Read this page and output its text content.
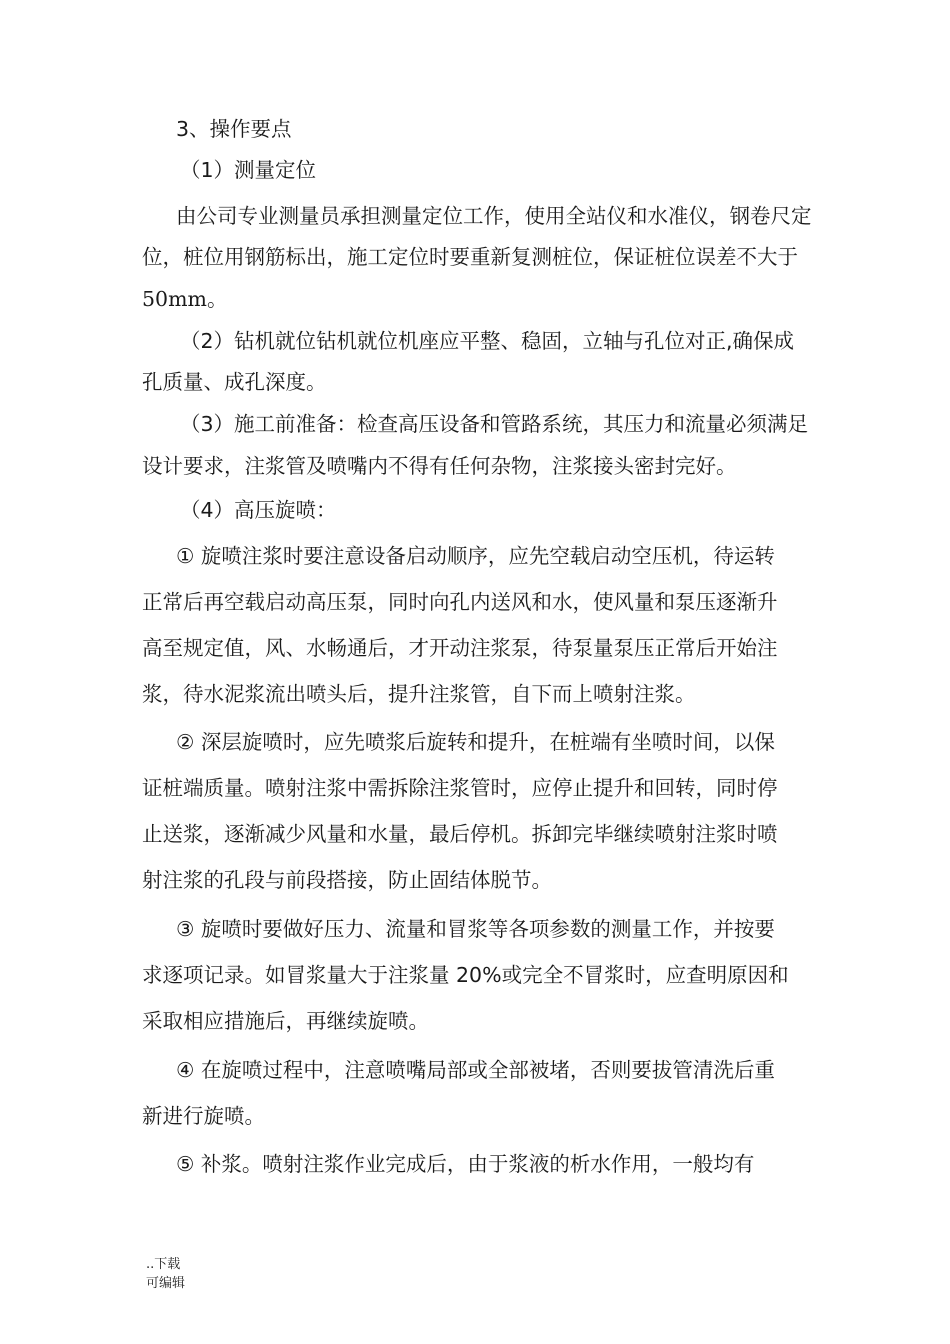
3、操作要点
（1）测量定位
由公司专业测量员承担测量定位工作，使用全站仪和水准仪，钢卷尺定
位，桩位用钢筋标出，施工定位时要重新复测桩位，保证桩位误差不大于
50mm。
（2）钻机就位钻机就位机座应平整、稳固，立轴与孔位对正,确保成
孔质量、成孔深度。
（3）施工前准备：检查高压设备和管路系统，其压力和流量必须满足
设计要求，注浆管及喷嘴内不得有任何杂物，注浆接头密封完好。
（4）高压旋喷：
① 旋喷注浆时要注意设备启动顺序，应先空载启动空压机，待运转
正常后再空载启动高压泵，同时向孔内送风和水，使风量和泵压逐渐升
高至规定值，风、水畅通后，才开动注浆泵，待泵量泵压正常后开始注
浆，待水泥浆流出喷头后，提升注浆管，自下而上喷射注浆。
② 深层旋喷时，应先喷浆后旋转和提升，在桩端有坐喷时间，以保
证桩端质量。喷射注浆中需拆除注浆管时，应停止提升和回转，同时停
止送浆，逐渐减少风量和水量，最后停机。拆卸完毕继续喷射注浆时喷
射注浆的孔段与前段搭接，防止固结体脱节。
③ 旋喷时要做好压力、流量和冒浆等各项参数的测量工作，并按要
求逐项记录。如冒浆量大于注浆量 20%或完全不冒浆时，应查明原因和
采取相应措施后，再继续旋喷。
④ 在旋喷过程中，注意喷嘴局部或全部被堵，否则要拔管清洗后重
新进行旋喷。
⑤ 补浆。喷射注浆作业完成后，由于浆液的析水作用，一般均有
..下载
可编辑
